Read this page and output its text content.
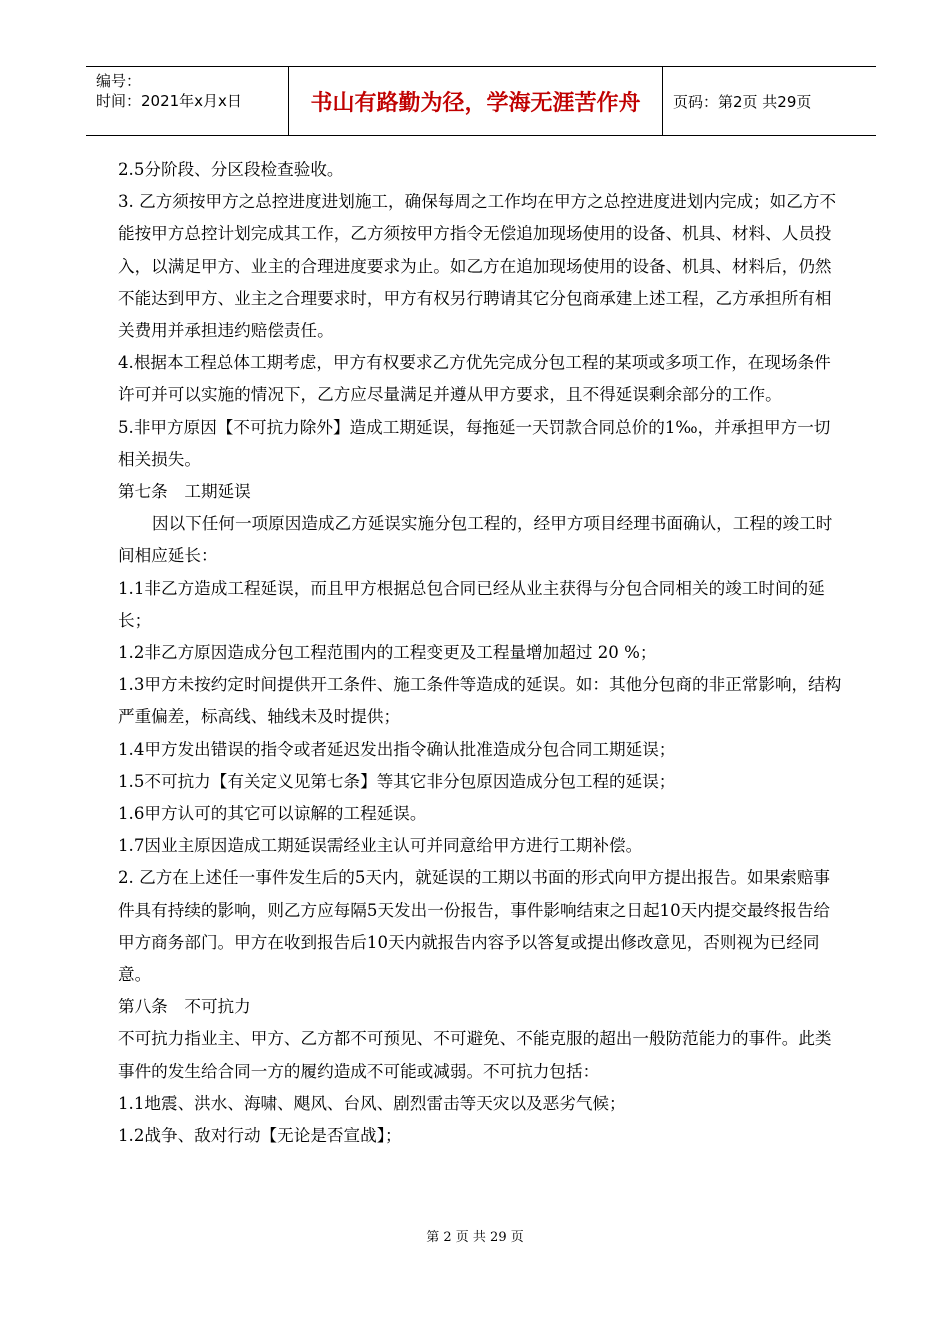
编号：
时间：2021年x月x日	书山有路勤为径，学海无涯苦作舟	页码：第2页 共29页

2.5分阶段、分区段检查验收。

3. 乙方须按甲方之总控进度进划施工，确保每周之工作均在甲方之总控进度进划内完成；如乙方不能按甲方总控计划完成其工作，乙方须按甲方指令无偿追加现场使用的设备、机具、材料、人员投入，以满足甲方、业主的合理进度要求为止。如乙方在追加现场使用的设备、机具、材料后，仍然不能达到甲方、业主之合理要求时，甲方有权另行聘请其它分包商承建上述工程，乙方承担所有相关费用并承担违约赔偿责任。

4.根据本工程总体工期考虑，甲方有权要求乙方优先完成分包工程的某项或多项工作，在现场条件许可并可以实施的情况下，乙方应尽量满足并遵从甲方要求，且不得延误剩余部分的工作。

5.非甲方原因【不可抗力除外】造成工期延误，每拖延一天罚款合同总价的1‰，并承担甲方一切相关损失。

第七条　工期延误

因以下任何一项原因造成乙方延误实施分包工程的，经甲方项目经理书面确认，工程的竣工时间相应延长：

1.1非乙方造成工程延误，而且甲方根据总包合同已经从业主获得与分包合同相关的竣工时间的延长；

1.2非乙方原因造成分包工程范围内的工程变更及工程量增加超过 20 %；

1.3甲方未按约定时间提供开工条件、施工条件等造成的延误。如：其他分包商的非正常影响，结构严重偏差，标高线、轴线未及时提供；

1.4甲方发出错误的指令或者延迟发出指令确认批准造成分包合同工期延误；

1.5不可抗力【有关定义见第七条】等其它非分包原因造成分包工程的延误；

1.6甲方认可的其它可以谅解的工程延误。

1.7因业主原因造成工期延误需经业主认可并同意给甲方进行工期补偿。

2. 乙方在上述任一事件发生后的5天内，就延误的工期以书面的形式向甲方提出报告。如果索赔事件具有持续的影响，则乙方应每隔5天发出一份报告，事件影响结束之日起10天内提交最终报告给甲方商务部门。甲方在收到报告后10天内就报告内容予以答复或提出修改意见，否则视为已经同意。

第八条　不可抗力

不可抗力指业主、甲方、乙方都不可预见、不可避免、不能克服的超出一般防范能力的事件。此类事件的发生给合同一方的履约造成不可能或减弱。不可抗力包括：

1.1地震、洪水、海啸、飓风、台风、剧烈雷击等天灾以及恶劣气候；

1.2战争、敌对行动【无论是否宣战】；

第 2 页 共 29 页
